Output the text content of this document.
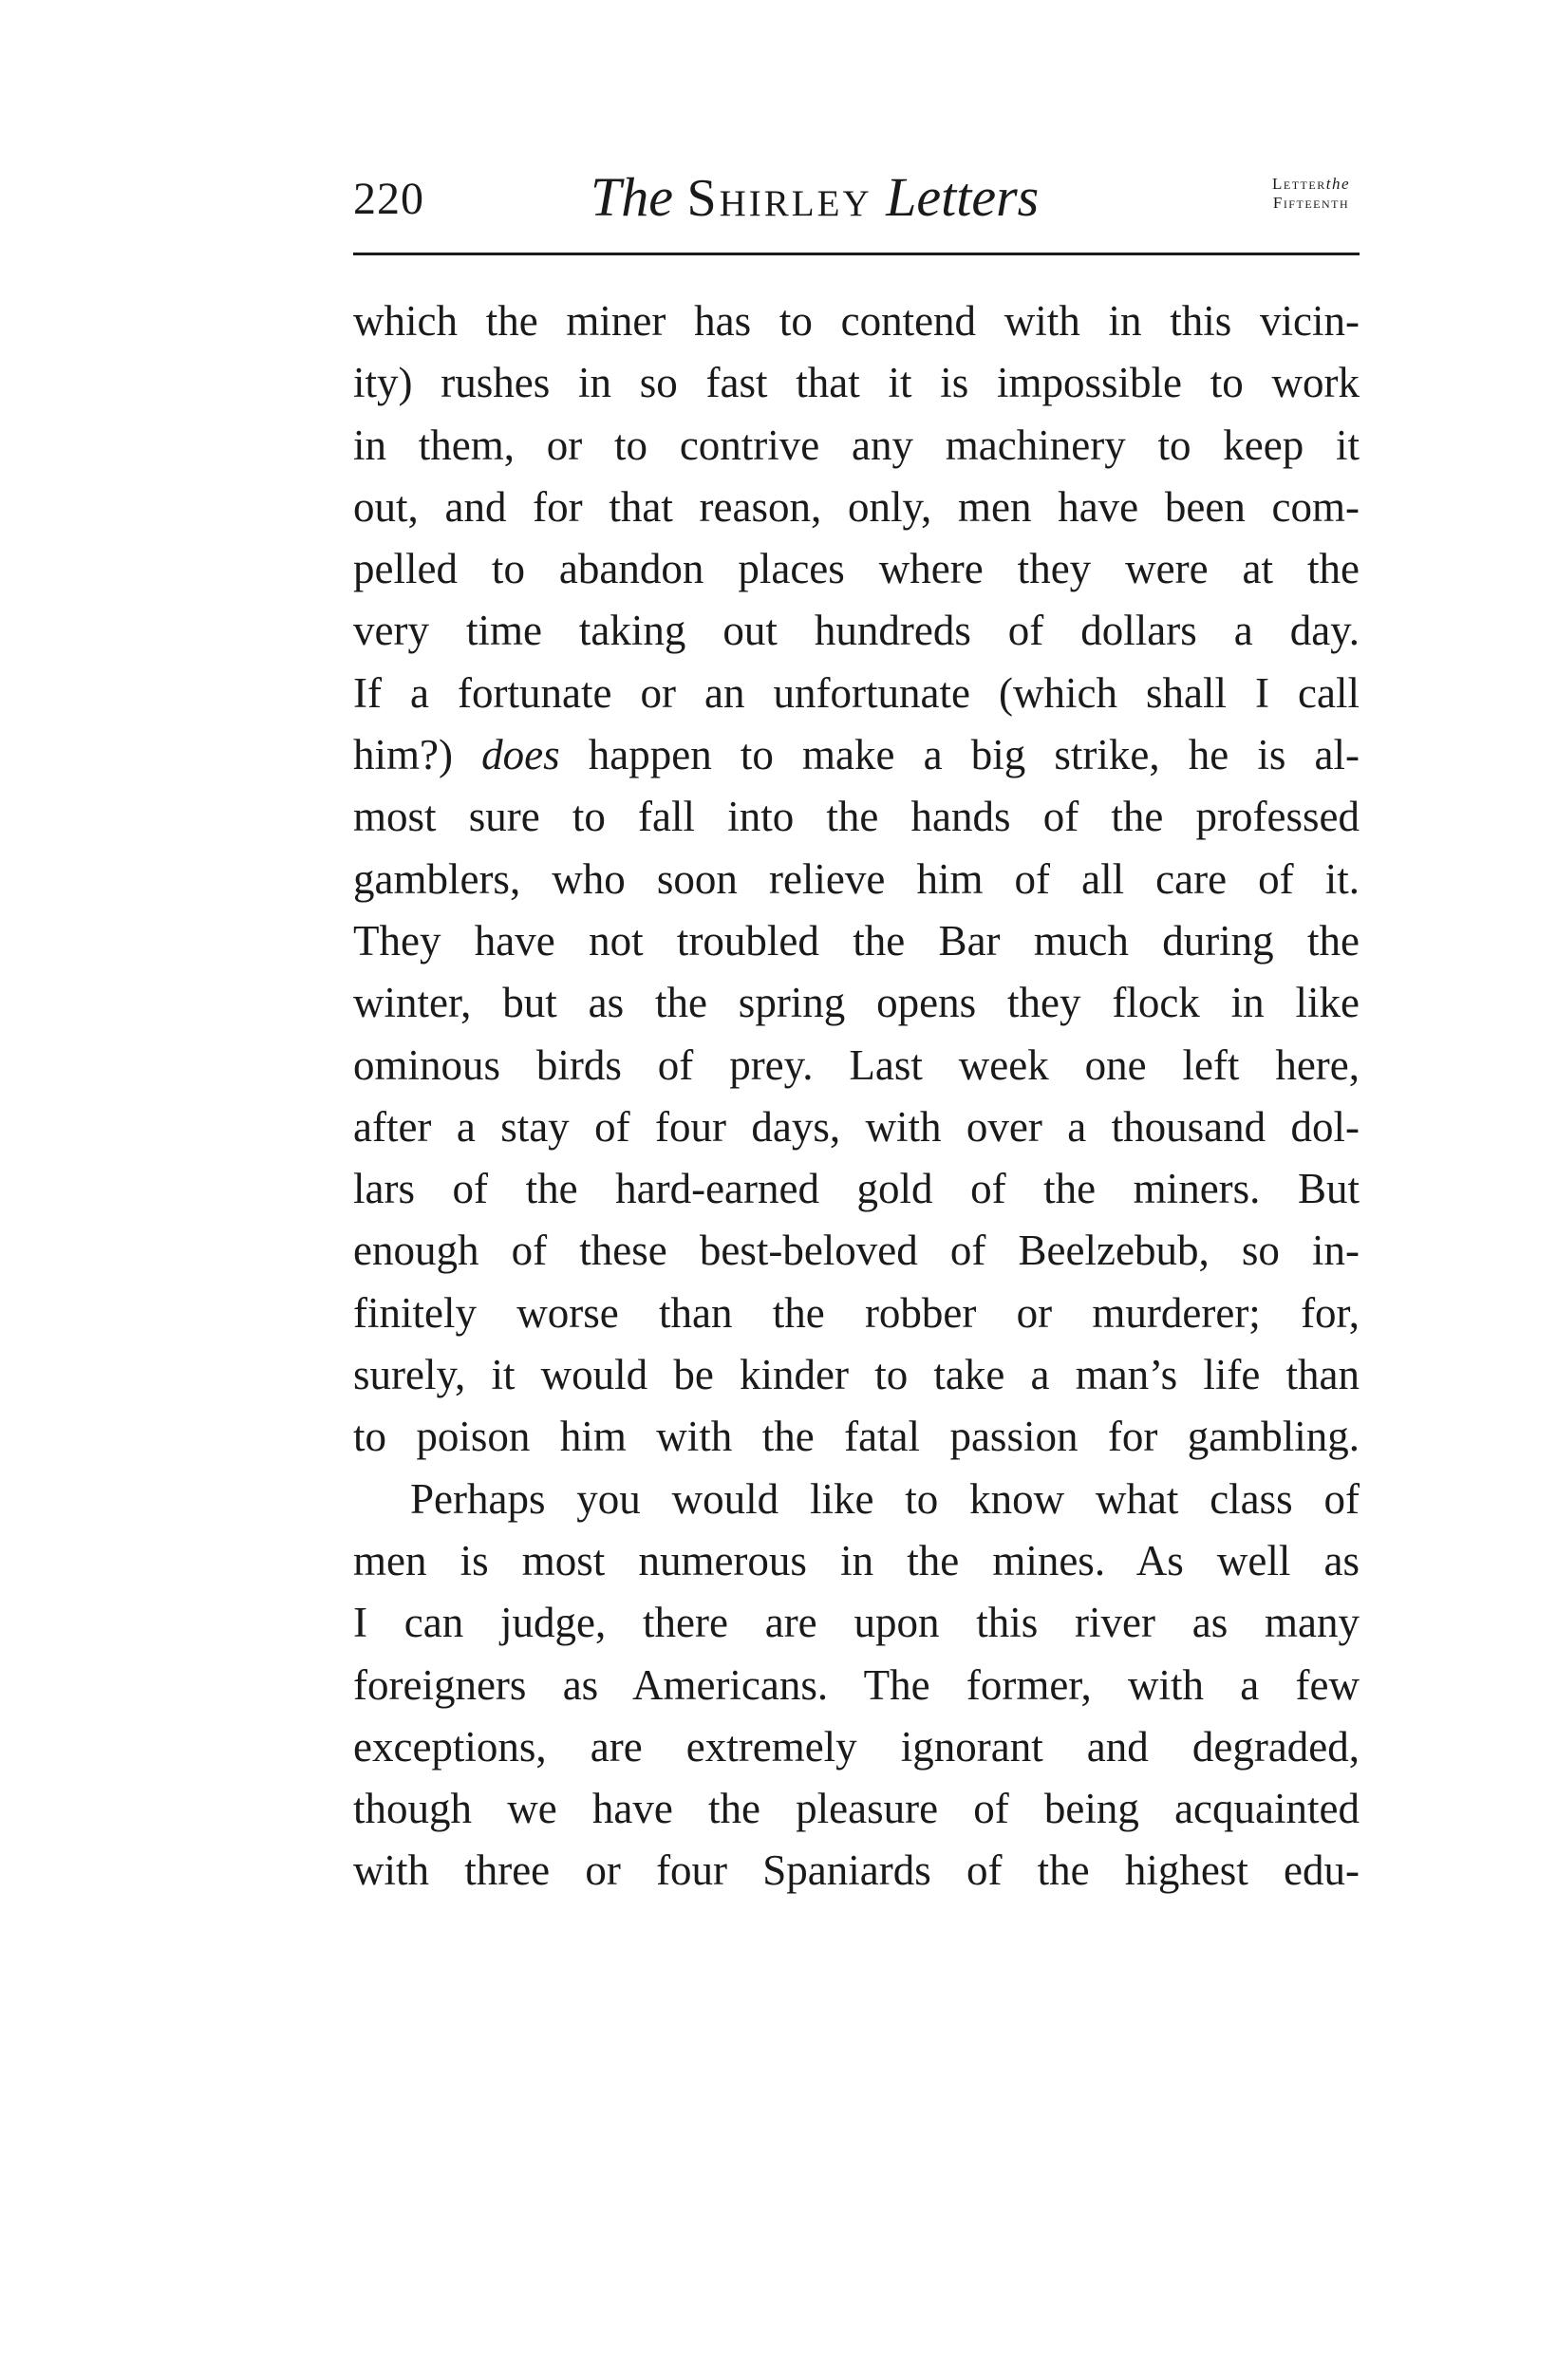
220	The Shirley Letters	Letterthe
Fifteenth
which the miner has to contend with in this vicin-
ity) rushes in so fast that it is impossible to work
in them, or to contrive any machinery to keep it
out, and for that reason, only, men have been com-
pelled to abandon places where they were at the
very time taking out hundreds of dollars a day.
If a fortunate or an unfortunate (which shall I call
him?) does happen to make a big strike, he is al-
most sure to fall into the hands of the professed
gamblers, who soon relieve him of all care of it.
They have not troubled the Bar much during the
winter, but as the spring opens they flock in like
ominous birds of prey. Last week one left here,
after a stay of four days, with over a thousand dol-
lars of the hard-earned gold of the miners. But
enough of these best-beloved of Beelzebub, so in-
finitely worse than the robber or murderer; for,
surely, it would be kinder to take a man’s life than
to poison him with the fatal passion for gambling.
Perhaps you would like to know what class of
men is most numerous in the mines. As well as
I can judge, there are upon this river as many
foreigners as Americans. The former, with a few
exceptions, are extremely ignorant and degraded,
though we have the pleasure of being acquainted
with three or four Spaniards of the highest edu-
